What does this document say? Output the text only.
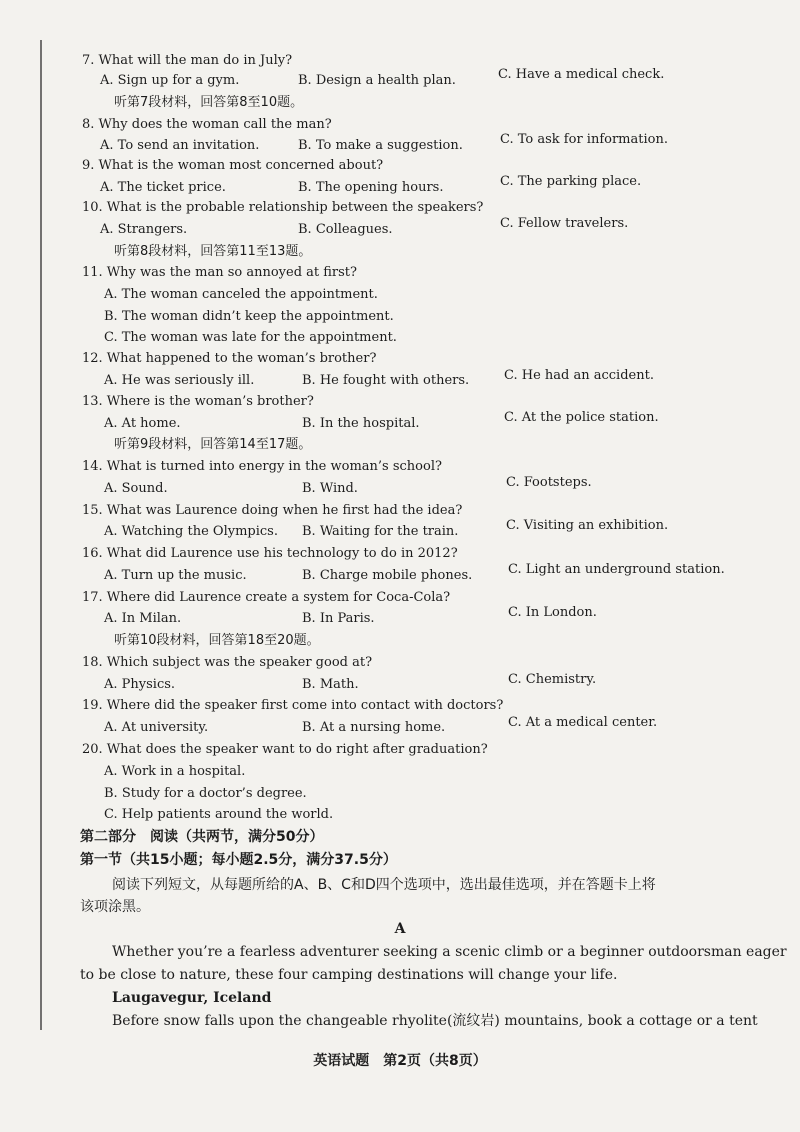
7. What will the man do in July?
A. Sign up for a gym.	B. Design a health plan.	C. Have a medical check.
听第7段材料，回答第8至10题。
8. Why does the woman call the man?
A. To send an invitation.	B. To make a suggestion.	C. To ask for information.
9. What is the woman most concerned about?
A. The ticket price.	B. The opening hours.	C. The parking place.
10. What is the probable relationship between the speakers?
A. Strangers.	B. Colleagues.	C. Fellow travelers.
听第8段材料，回答第11至13题。
11. Why was the man so annoyed at first?
A. The woman canceled the appointment.
B. The woman didn’t keep the appointment.
C. The woman was late for the appointment.
12. What happened to the woman’s brother?
A. He was seriously ill.	B. He fought with others.	C. He had an accident.
13. Where is the woman’s brother?
A. At home.	B. In the hospital.	C. At the police station.
听第9段材料，回答第14至17题。
14. What is turned into energy in the woman’s school?
A. Sound.	B. Wind.	C. Footsteps.
15. What was Laurence doing when he first had the idea?
A. Watching the Olympics. B. Waiting for the train.	C. Visiting an exhibition.
16. What did Laurence use his technology to do in 2012?
A. Turn up the music.	B. Charge mobile phones.	C. Light an underground station.
17. Where did Laurence create a system for Coca-Cola?
A. In Milan.	B. In Paris.	C. In London.
听第10段材料，回答第18至20题。
18. Which subject was the speaker good at?
A. Physics.	B. Math.	C. Chemistry.
19. Where did the speaker first come into contact with doctors?
A. At university.	B. At a nursing home.	C. At a medical center.
20. What does the speaker want to do right after graduation?
A. Work in a hospital.
B. Study for a doctor’s degree.
C. Help patients around the world.
第二部分　阅读（共两节，满分50分）
第一节（共15小题；每小题2.5分，满分37.5分）
阅读下列短文，从每题所给的A、B、C和D四个选项中，选出最佳选项，并在答题卡上将
该项涂黑。
A
Whether you’re a fearless adventurer seeking a scenic climb or a beginner outdoorsman eager
to be close to nature, these four camping destinations will change your life.
Laugavegur, Iceland
Before snow falls upon the changeable rhyolite(流纹岩) mountains, book a cottage or a tent
英语试题　第2页（共8页）
